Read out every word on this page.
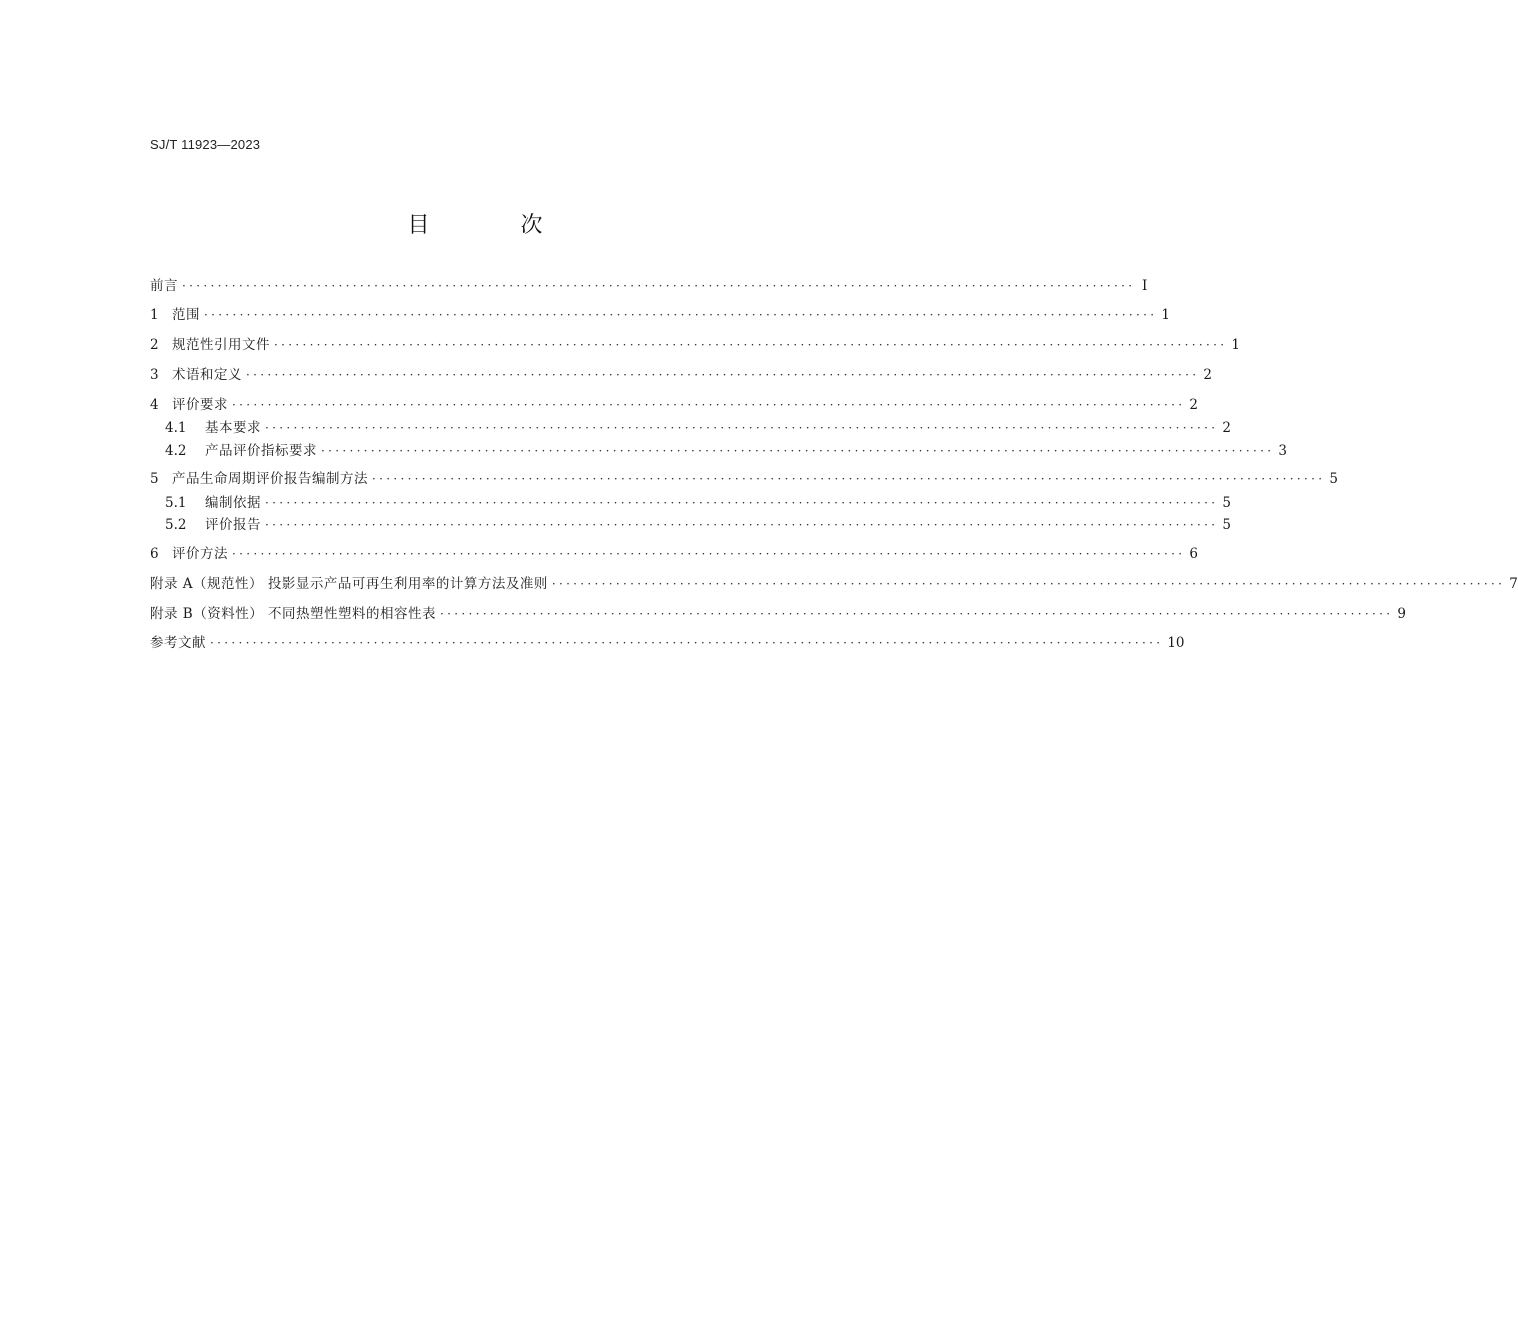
SJ/T 11923—2023
目 次
前言 ······································································································································ I
1 范围 ······································································································································ 1
2 规范性引用文件 ······································································································································ 1
3 术语和定义 ······································································································································ 2
4 评价要求 ······································································································································ 2
4.1	基本要求 ······································································································································ 2
4.2	产品评价指标要求 ······································································································································ 3
5 产品生命周期评价报告编制方法 ······································································································································ 5
5.1	编制依据 ······································································································································ 5
5.2	评价报告 ······································································································································ 5
6 评价方法 ······································································································································ 6
附录 A（规范性） 投影显示产品可再生利用率的计算方法及准则 ······································································································································ 7
附录 B（资料性） 不同热塑性塑料的相容性表 ······································································································································ 9
参考文献 ······································································································································ 10
